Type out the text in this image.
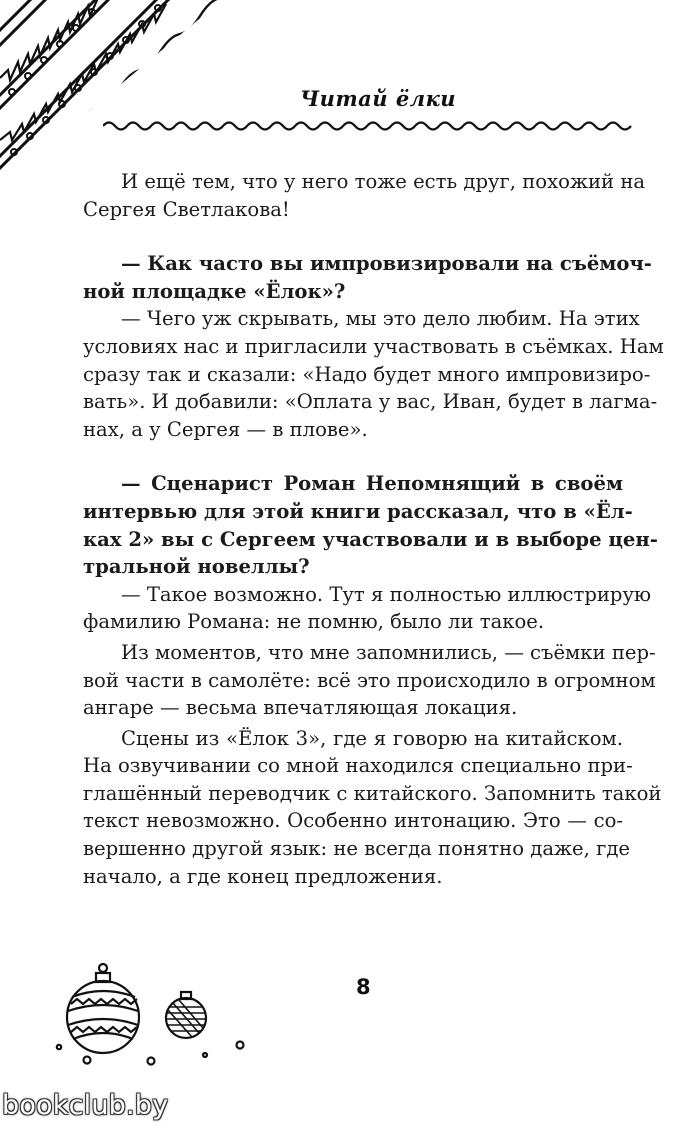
Читай ёлки
И ещё тем, что у него тоже есть друг, похожий на
Сергея Светлакова!
— Как часто вы импровизировали на съёмоч-
ной площадке «Ёлок»?
— Чего уж скрывать, мы это дело любим. На этих
условиях нас и пригласили участвовать в съёмках. Нам
сразу так и сказали: «Надо будет много импровизиро-
вать». И добавили: «Оплата у вас, Иван, будет в лагма-
нах, а у Сергея — в плове».
— Сценарист Роман Непомнящий в своём
интервью для этой книги рассказал, что в «Ёл-
ках 2» вы с Сергеем участвовали и в выборе цен-
тральной новеллы?
— Такое возможно. Тут я полностью иллюстрирую
фамилию Романа: не помню, было ли такое.
Из моментов, что мне запомнились, — съёмки пер-
вой части в самолёте: всё это происходило в огромном
ангаре — весьма впечатляющая локация.
Сцены из «Ёлок 3», где я говорю на китайском.
На озвучивании со мной находился специально при-
глашённый переводчик с китайского. Запомнить такой
текст невозможно. Особенно интонацию. Это — со-
вершенно другой язык: не всегда понятно даже, где
начало, а где конец предложения.
8
bookclub.by
